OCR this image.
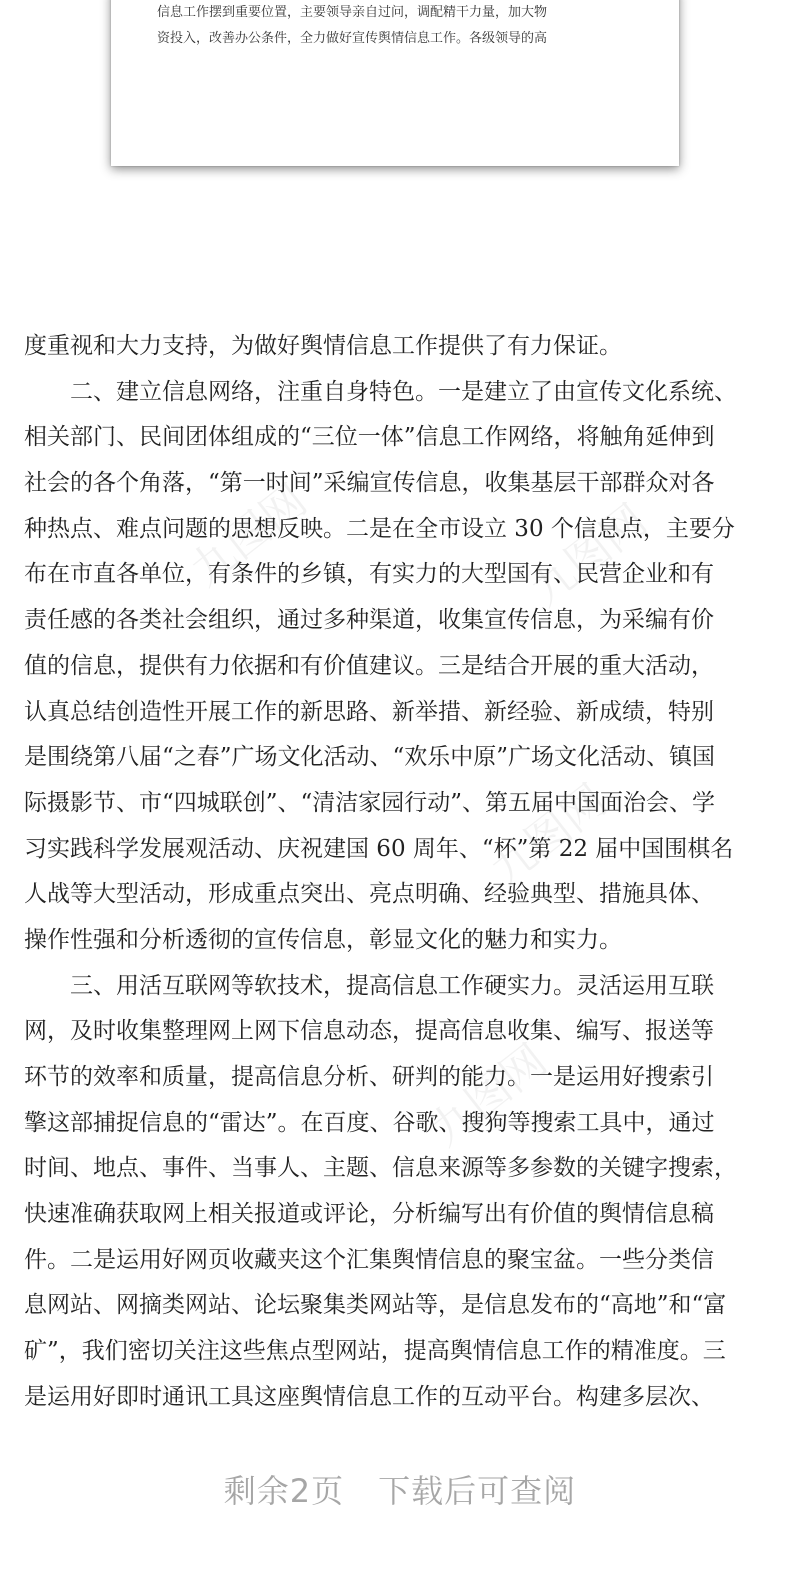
信息工作摆到重要位置，主要领导亲自过问，调配精干力量，加大物
资投入，改善办公条件，全力做好宣传舆情信息工作。各级领导的高
九图网	九图网
九图网
九图网
度重视和大力支持，为做好舆情信息工作提供了有力保证。
　　二、建立信息网络，注重自身特色。一是建立了由宣传文化系统、
相关部门、民间团体组成的“三位一体”信息工作网络，将触角延伸到
社会的各个角落，“第一时间”采编宣传信息，收集基层干部群众对各
种热点、难点问题的思想反映。二是在全市设立 30 个信息点，主要分
布在市直各单位，有条件的乡镇，有实力的大型国有、民营企业和有
责任感的各类社会组织，通过多种渠道，收集宣传信息，为采编有价
值的信息，提供有力依据和有价值建议。三是结合开展的重大活动，
认真总结创造性开展工作的新思路、新举措、新经验、新成绩，特别
是围绕第八届“之春”广场文化活动、“欢乐中原”广场文化活动、镇国
际摄影节、市“四城联创”、“清洁家园行动”、第五届中国面治会、学
习实践科学发展观活动、庆祝建国 60 周年、“杯”第 22 届中国围棋名
人战等大型活动，形成重点突出、亮点明确、经验典型、措施具体、
操作性强和分析透彻的宣传信息，彰显文化的魅力和实力。
　　三、用活互联网等软技术，提高信息工作硬实力。灵活运用互联
网，及时收集整理网上网下信息动态，提高信息收集、编写、报送等
环节的效率和质量，提高信息分析、研判的能力。一是运用好搜索引
擎这部捕捉信息的“雷达”。在百度、谷歌、搜狗等搜索工具中，通过
时间、地点、事件、当事人、主题、信息来源等多参数的关键字搜索，
快速准确获取网上相关报道或评论，分析编写出有价值的舆情信息稿
件。二是运用好网页收藏夹这个汇集舆情信息的聚宝盆。一些分类信
息网站、网摘类网站、论坛聚集类网站等，是信息发布的“高地”和“富
矿”，我们密切关注这些焦点型网站，提高舆情信息工作的精准度。三
是运用好即时通讯工具这座舆情信息工作的互动平台。构建多层次、
剩余2页 下载后可查阅
